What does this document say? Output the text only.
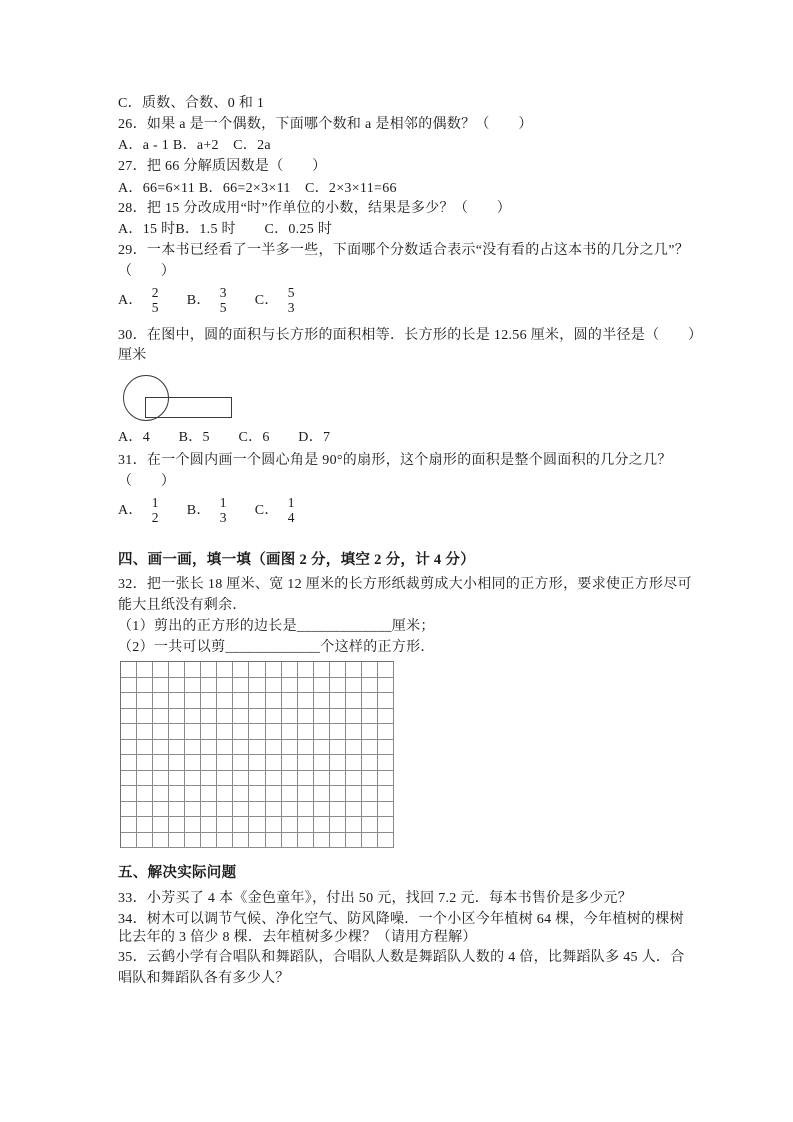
C．质数、合数、0 和 1
26．如果 a 是一个偶数，下面哪个数和 a 是相邻的偶数？（　　）
A．a - 1 B．a+2　C．2a
27．把 66 分解质因数是（　　）
A．66=6×11 B．66=2×3×11　C．2×3×11=66
28．把 15 分改成用“时”作单位的小数，结果是多少？（　　）
A．15 时B．1.5 时　　C．0.25 时
29．一本书已经看了一半多一些，下面哪个分数适合表示“没有看的占这本书的几分之几”？
（　　）
A． 2
5 B． 3
5 C． 5
3
30．在图中，圆的面积与长方形的面积相等．长方形的长是 12.56 厘米，圆的半径是（　　）
厘米
A．4　　B．5　　C．6　　D．7
31．在一个圆内画一个圆心角是 90°的扇形，这个扇形的面积是整个圆面积的几分之几？
（　　）
A． 1
2 B． 1
3 C． 1
4
四、画一画，填一填（画图 2 分，填空 2 分，计 4 分）
32．把一张长 18 厘米、宽 12 厘米的长方形纸裁剪成大小相同的正方形，要求使正方形尽可
能大且纸没有剩余．
（1）剪出的正方形的边长是_____________厘米；
（2）一共可以剪_____________个这样的正方形．
五、解决实际问题
33．小芳买了 4 本《金色童年》，付出 50 元，找回 7.2 元．每本书售价是多少元？
34．树木可以调节气候、净化空气、防风降噪．一个小区今年植树 64 棵，今年植树的棵树
比去年的 3 倍少 8 棵．去年植树多少棵？（请用方程解）
35．云鹤小学有合唱队和舞蹈队，合唱队人数是舞蹈队人数的 4 倍，比舞蹈队多 45 人．合
唱队和舞蹈队各有多少人？
